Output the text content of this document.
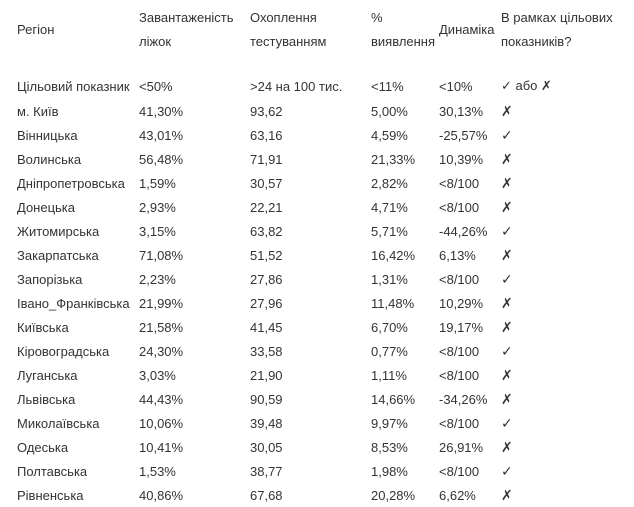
Регіон	Завантаженість ліжок	Охоплення тестуванням	% виявлення	Динаміка	В рамках цільових показників?
Цільовий показник	<50%	>24 на 100 тис.	<11%	<10%	✓ або ✗
м. Київ	41,30%	93,62	5,00%	30,13%	✗
Вінницька	43,01%	63,16	4,59%	-25,57%	✓
Волинська	56,48%	71,91	21,33%	10,39%	✗
Дніпропетровська	1,59%	30,57	2,82%	<8/100	✗
Донецька	2,93%	22,21	4,71%	<8/100	✗
Житомирська	3,15%	63,82	5,71%	-44,26%	✓
Закарпатська	71,08%	51,52	16,42%	6,13%	✗
Запорізька	2,23%	27,86	1,31%	<8/100	✓
Івано_Франківська	21,99%	27,96	11,48%	10,29%	✗
Київська	21,58%	41,45	6,70%	19,17%	✗
Кіровоградська	24,30%	33,58	0,77%	<8/100	✓
Луганська	3,03%	21,90	1,11%	<8/100	✗
Львівська	44,43%	90,59	14,66%	-34,26%	✗
Миколаївська	10,06%	39,48	9,97%	<8/100	✓
Одеська	10,41%	30,05	8,53%	26,91%	✗
Полтавська	1,53%	38,77	1,98%	<8/100	✓
Рівненська	40,86%	67,68	20,28%	6,62%	✗
